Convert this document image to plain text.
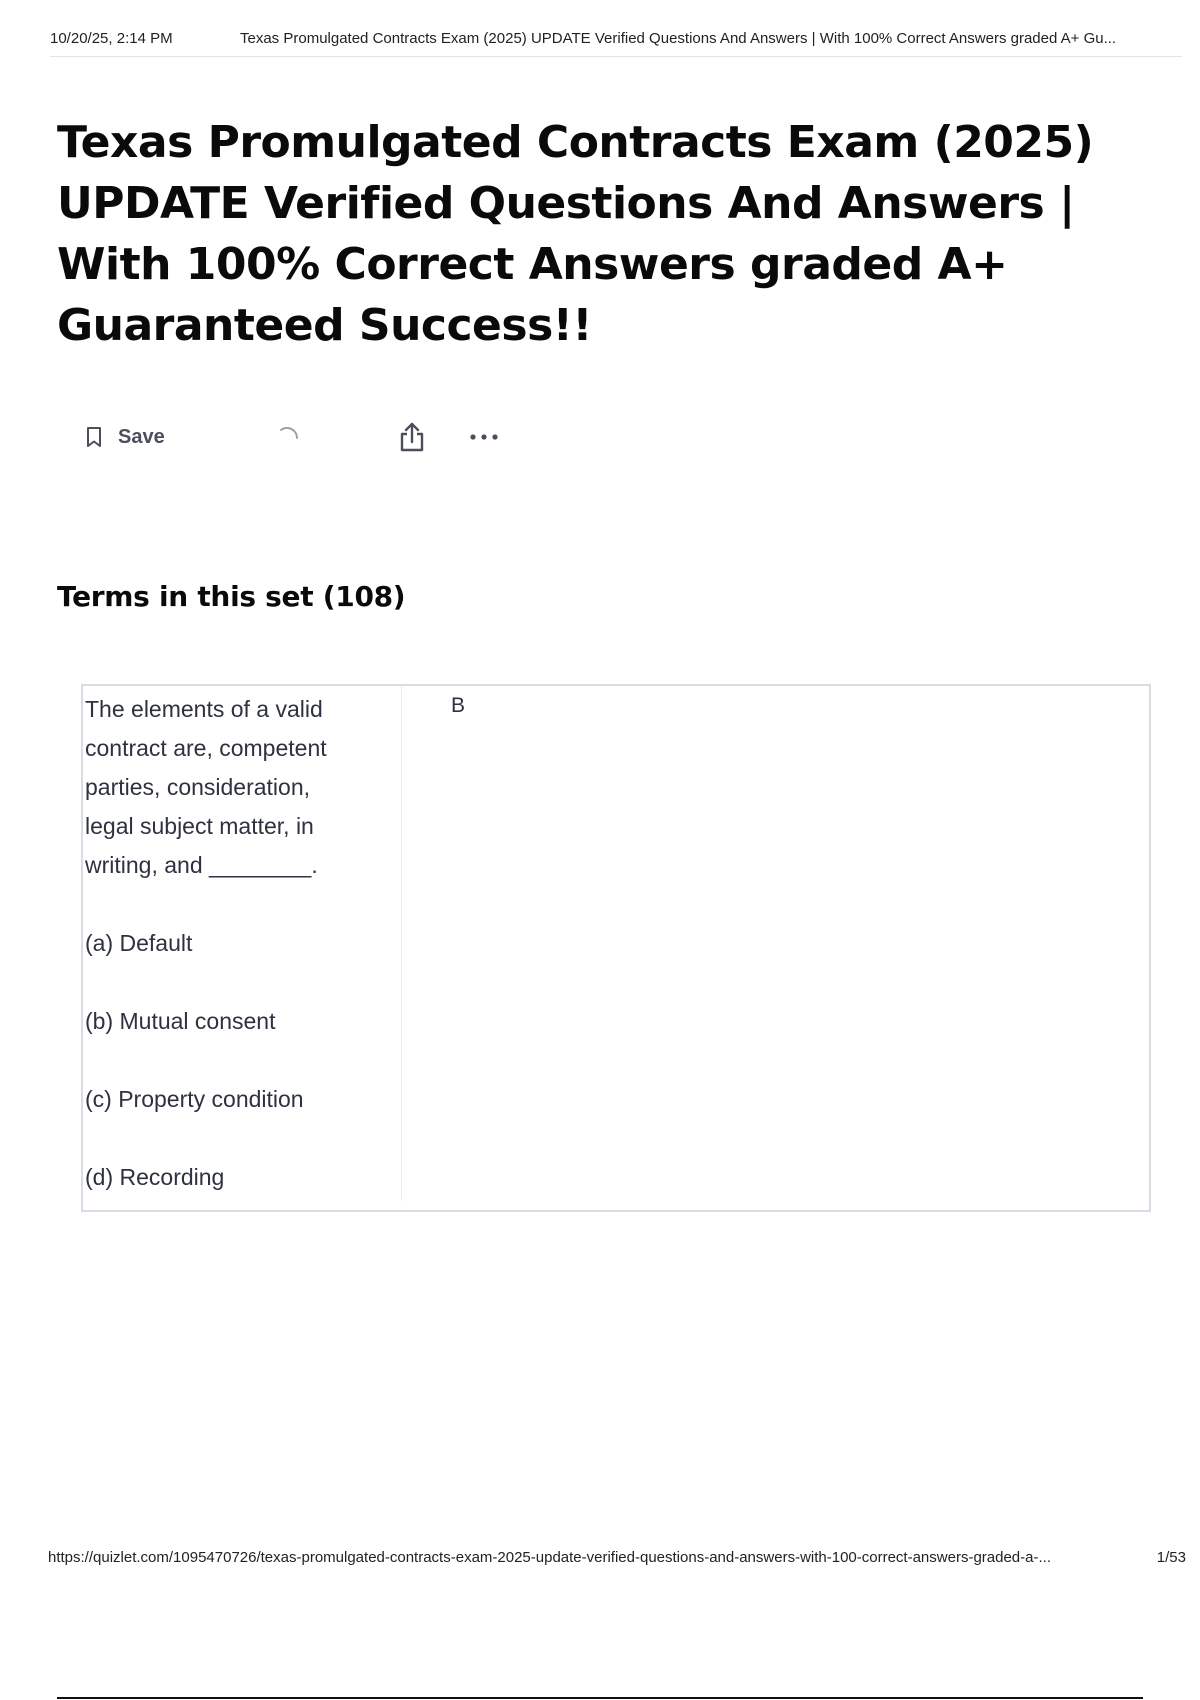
10/20/25, 2:14 PM	Texas Promulgated Contracts Exam (2025) UPDATE Verified Questions And Answers | With 100% Correct Answers graded A+ Gu...
Texas Promulgated Contracts Exam (2025) UPDATE Verified Questions And Answers | With 100% Correct Answers graded A+ Guaranteed Success!!
Save
Terms in this set (108)

The elements of a valid
contract are, competent
parties, consideration,
legal subject matter, in
writing, and ________.

(a) Default

(b) Mutual consent

(c) Property condition

(d) Recording

B
https://quizlet.com/1095470726/texas-promulgated-contracts-exam-2025-update-verified-questions-and-answers-with-100-correct-answers-graded-a-...	1/53
